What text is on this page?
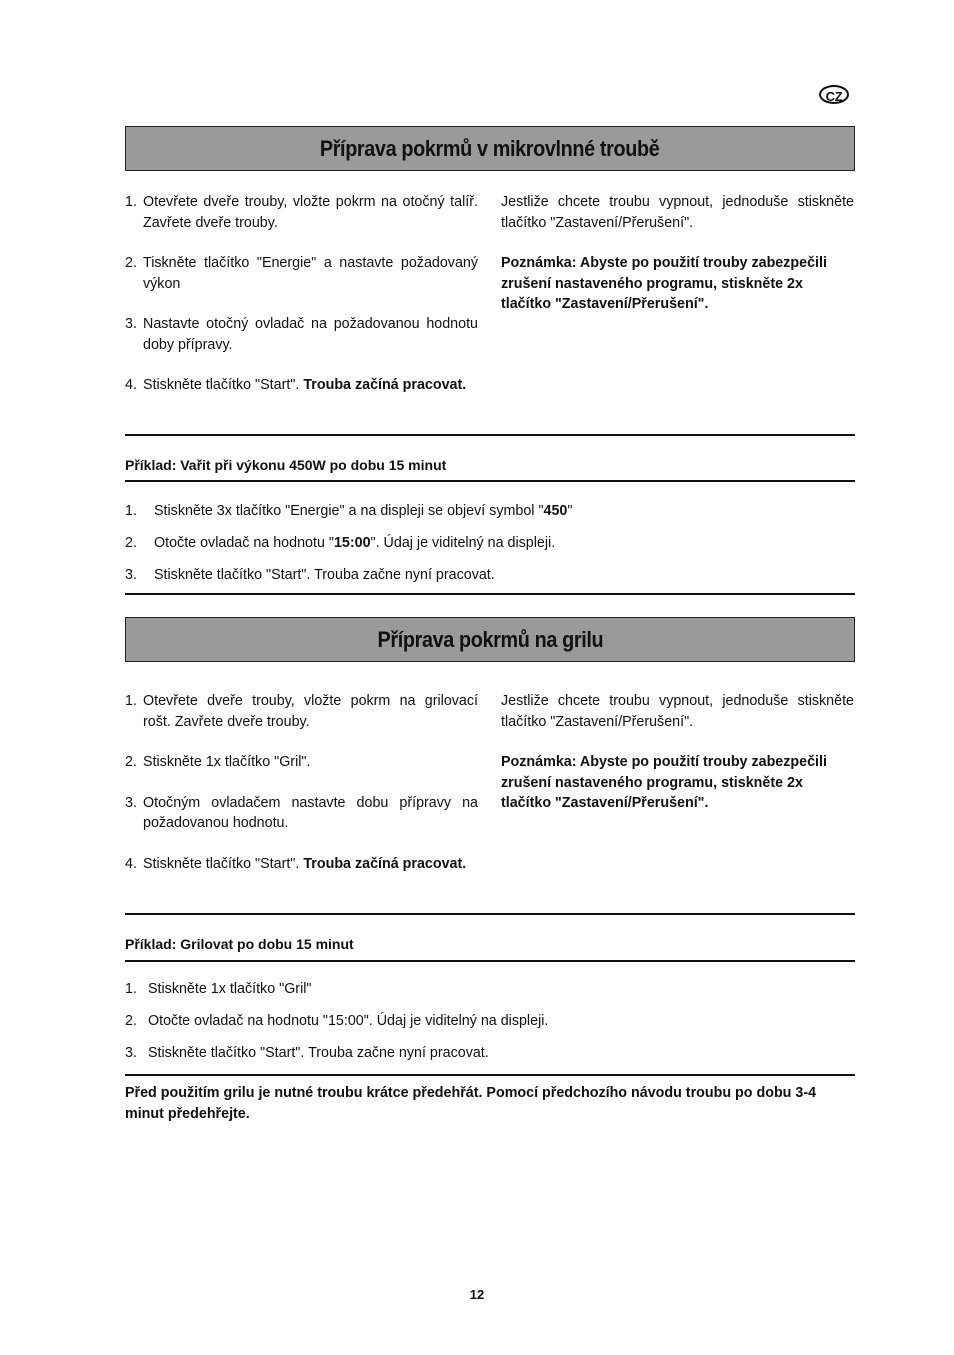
CZ
Příprava pokrmů v mikrovlnné troubě

1. Otevřete dveře trouby, vložte pokrm na otočný talíř. Zavřete dveře trouby.

2. Tiskněte tlačítko "Energie" a nastavte požadovaný výkon

3. Nastavte otočný ovladač na požadovanou hodnotu doby přípravy.

4. Stiskněte tlačítko "Start". Trouba začíná pracovat.

Jestliže chcete troubu vypnout, jednoduše stiskněte tlačítko "Zastavení/Přerušení".

Poznámka: Abyste po použití trouby zabezpečili zrušení nastaveného programu, stiskněte 2x tlačítko "Zastavení/Přerušení".

Příklad: Vařit při výkonu 450W po dobu 15 minut
1. Stiskněte 3x tlačítko "Energie" a na displeji se objeví symbol "450"
2. Otočte ovladač na hodnotu "15:00". Údaj je viditelný na displeji.
3. Stiskněte tlačítko "Start". Trouba začne nyní pracovat.
Příprava pokrmů na grilu

1. Otevřete dveře trouby, vložte pokrm na grilovací rošt. Zavřete dveře trouby.

2. Stiskněte 1x tlačítko "Gril".

3. Otočným ovladačem nastavte dobu přípravy na požadovanou hodnotu.

4. Stiskněte tlačítko "Start". Trouba začíná pracovat.

Jestliže chcete troubu vypnout, jednoduše stiskněte tlačítko "Zastavení/Přerušení".

Poznámka: Abyste po použití trouby zabezpečili zrušení nastaveného programu, stiskněte 2x tlačítko "Zastavení/Přerušení".

Příklad: Grilovat po dobu 15 minut
1. Stiskněte 1x tlačítko "Gril"
2. Otočte ovladač na hodnotu "15:00". Údaj je viditelný na displeji.
3. Stiskněte tlačítko "Start". Trouba začne nyní pracovat.
Před použitím grilu je nutné troubu krátce předehřát. Pomocí předchozího návodu troubu po dobu 3-4 minut předehřejte.
12
